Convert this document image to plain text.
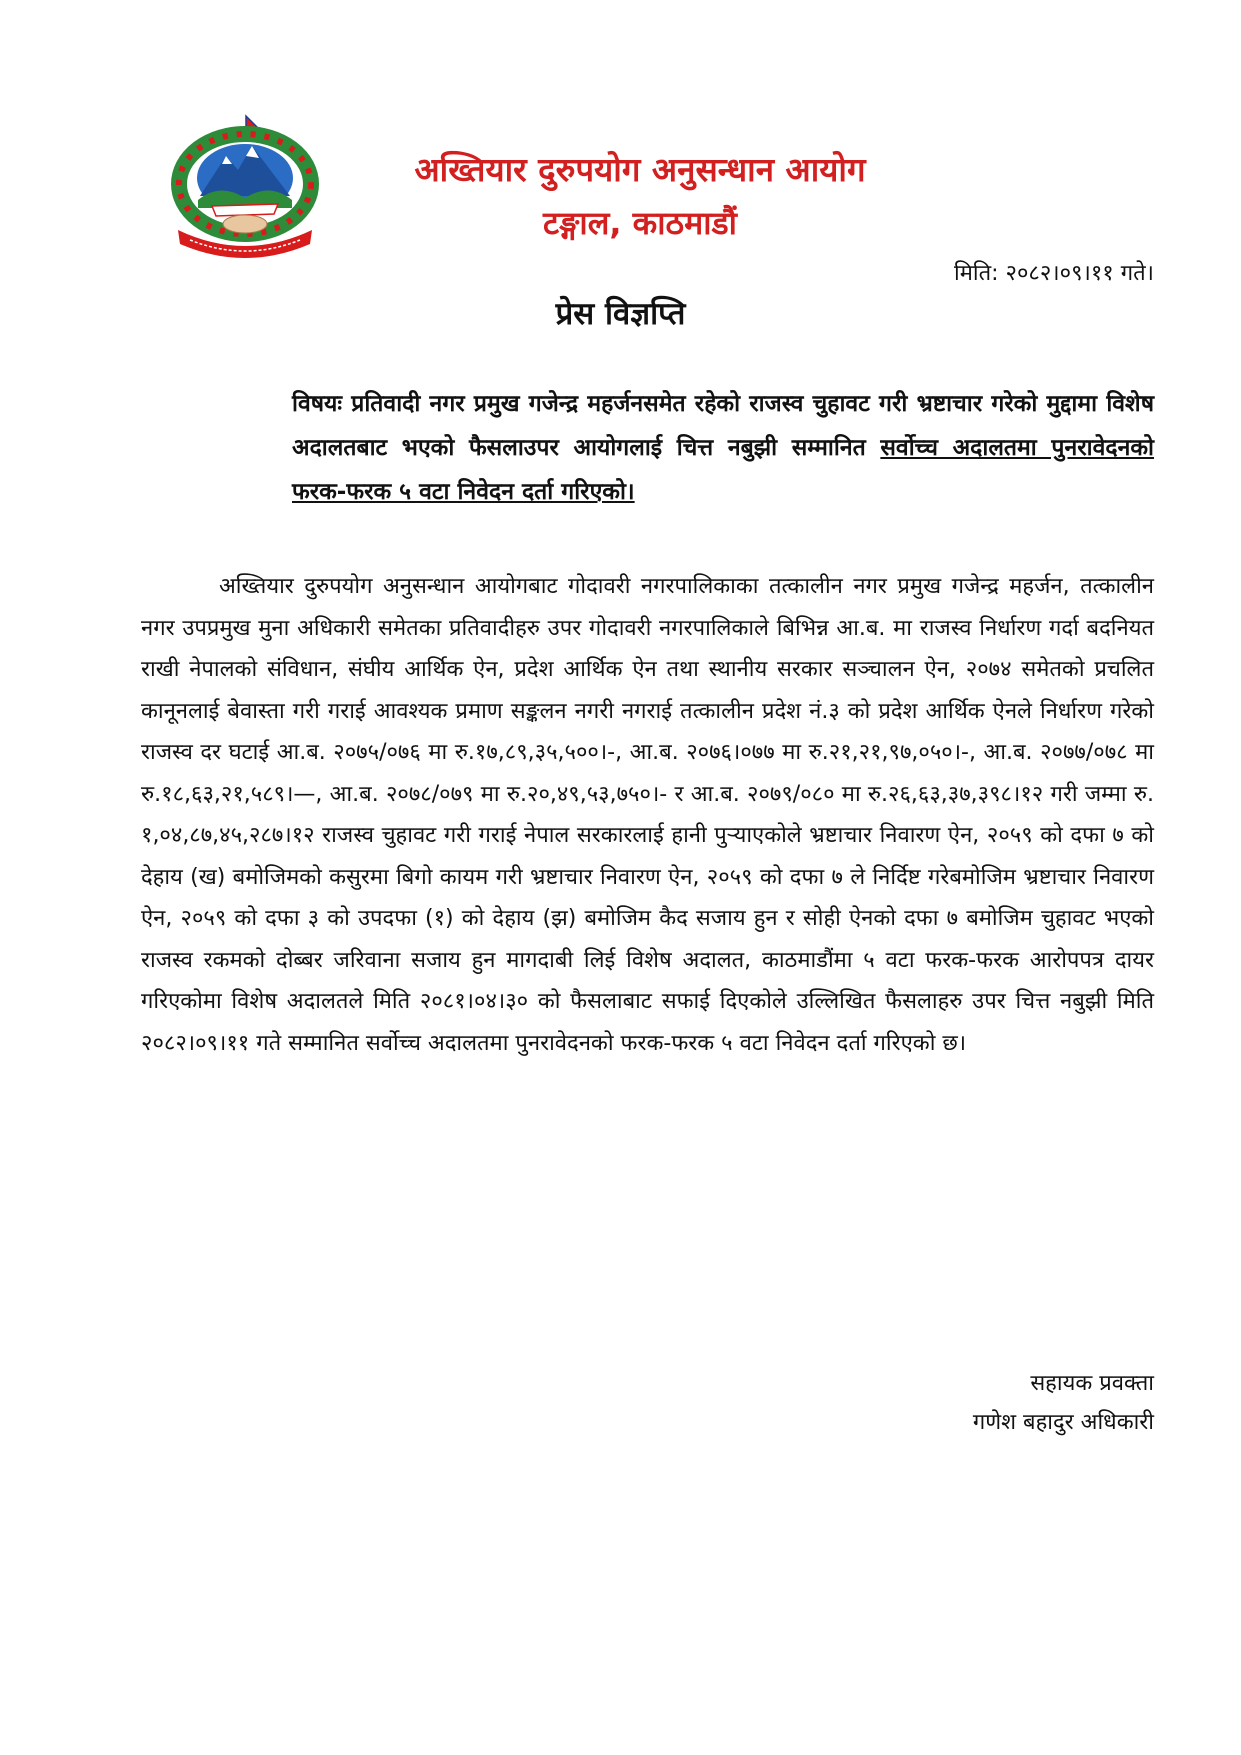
अख्तियार दुरुपयोग अनुसन्धान आयोग
टङ्गाल, काठमाडौं
मिति: २०८२।०९।११ गते।
प्रेस विज्ञप्ति
विषयः प्रतिवादी नगर प्रमुख गजेन्द्र महर्जनसमेत रहेको राजस्व चुहावट गरी भ्रष्टाचार गरेको मुद्दामा विशेष अदालतबाट भएको फैसलाउपर आयोगलाई चित्त नबुझी सम्मानित सर्वोच्च अदालतमा पुनरावेदनको फरक-फरक ५ वटा निवेदन दर्ता गरिएको।

अख्तियार दुरुपयोग अनुसन्धान आयोगबाट गोदावरी नगरपालिकाका तत्कालीन नगर प्रमुख गजेन्द्र महर्जन, तत्कालीन नगर उपप्रमुख मुना अधिकारी समेतका प्रतिवादीहरु उपर गोदावरी नगरपालिकाले बिभिन्न आ.ब. मा राजस्व निर्धारण गर्दा बदनियत राखी नेपालको संविधान, संघीय आर्थिक ऐन, प्रदेश आर्थिक ऐन तथा स्थानीय सरकार सञ्चालन ऐन, २०७४ समेतको प्रचलित कानूनलाई बेवास्ता गरी गराई आवश्यक प्रमाण सङ्कलन नगरी नगराई तत्कालीन प्रदेश नं.३ को प्रदेश आर्थिक ऐनले निर्धारण गरेको राजस्व दर घटाई आ.ब. २०७५/०७६ मा रु.१७,८९,३५,५००।-, आ.ब. २०७६।०७७ मा रु.२१,२१,९७,०५०।-, आ.ब. २०७७/०७८ मा रु.१८,६३,२१,५८९।—, आ.ब. २०७८/०७९ मा रु.२०,४९,५३,७५०।- र आ.ब. २०७९/०८० मा रु.२६,६३,३७,३९८।१२ गरी जम्मा रु. १,०४,८७,४५,२८७।१२ राजस्व चुहावट गरी गराई नेपाल सरकारलाई हानी पुऱ्याएकोले भ्रष्टाचार निवारण ऐन, २०५९ को दफा ७ को देहाय (ख) बमोजिमको कसुरमा बिगो कायम गरी भ्रष्टाचार निवारण ऐन, २०५९ को दफा ७ ले निर्दिष्ट गरेबमोजिम भ्रष्टाचार निवारण ऐन, २०५९ को दफा ३ को उपदफा (१) को देहाय (झ) बमोजिम कैद सजाय हुन र सोही ऐनको दफा ७ बमोजिम चुहावट भएको राजस्व रकमको दोब्बर जरिवाना सजाय हुन मागदाबी लिई विशेष अदालत, काठमाडौंमा ५ वटा फरक-फरक आरोपपत्र दायर गरिएकोमा विशेष अदालतले मिति २०८१।०४।३० को फैसलाबाट सफाई दिएकोले उल्लिखित फैसलाहरु उपर चित्त नबुझी मिति २०८२।०९।११ गते सम्मानित सर्वोच्च अदालतमा पुनरावेदनको फरक-फरक ५ वटा निवेदन दर्ता गरिएको छ।

सहायक प्रवक्ता
गणेश बहादुर अधिकारी
